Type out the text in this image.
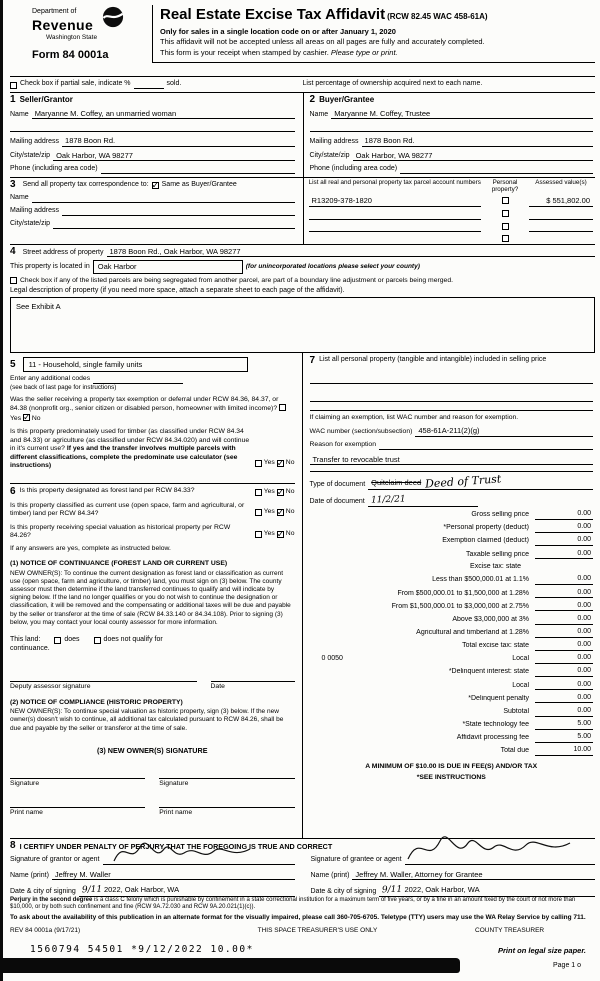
Department of
Revenue
Washington State
Form 84 0001a
Real Estate Excise Tax Affidavit (RCW 82.45 WAC 458-61A)
Only for sales in a single location code on or after January 1, 2020
This affidavit will not be accepted unless all areas on all pages are fully and accurately completed.
This form is your receipt when stamped by cashier. Please type or print.
Check box if partial sale, indicate %	sold.	List percentage of ownership acquired next to each name.
1 Seller/Grantor
Name Maryanne M. Coffey, an unmarried woman
Mailing address 1878 Boon Rd.
City/state/zip Oak Harbor, WA 98277
Phone (including area code)
2 Buyer/Grantee
Name Maryanne M. Coffey, Trustee
Mailing address 1878 Boon Rd.
City/state/zip Oak Harbor, WA 98277
Phone (including area code)
3 Send all property tax correspondence to: ✓ Same as Buyer/Grantee
Name
Mailing address
City/state/zip
List all real and personal property tax parcel account numbers	Personal property?
Assessed value(s)
R13209-378-1820	$ 551,802.00
4 Street address of property 1878 Boon Rd., Oak Harbor, WA 98277
This property is located in	Oak Harbor	(for unincorporated locations please select your county)
Check box if any of the listed parcels are being segregated from another parcel, are part of a boundary line adjustment or parcels being merged.
Legal description of property (if you need more space, attach a separate sheet to each page of the affidavit).
See Exhibit A
5	11 - Household, single family units
Enter any additional codes
(see back of last page for instructions)
Was the seller receiving a property tax exemption or deferral under RCW 84.36, 84.37, or 84.38 (nonprofit org., senior citizen or disabled person, homeowner with limited income)?  Yes ✓ No
Is this property predominately used for timber (as classified under RCW 84.34 and 84.33) or agriculture (as classified under RCW 84.34.020) and will continue in it's current use? If yes and the transfer involves multiple parcels with different classifications, complete the predominate use calculator (see instructions)	Yes ✓ No
6 Is this property designated as forest land per RCW 84.33?	Yes ✓ No
Is this property classified as current use (open space, farm and agricultural, or timber) land per RCW 84.34?	Yes ✓ No
Is this property receiving special valuation as historical property per RCW 84.26?	Yes ✓ No
If any answers are yes, complete as instructed below.
(1) NOTICE OF CONTINUANCE (FOREST LAND OR CURRENT USE)
NEW OWNER(S): To continue the current designation as forest land or classification as current use (open space, farm and agriculture, or timber) land, you must sign on (3) below. The county assessor must then determine if the land transferred continues to qualify and will indicate by signing below. If the land no longer qualifies or you do not wish to continue the designation or classification, it will be removed and the compensating or additional taxes will be due and payable by the seller or transferor at the time of sale (RCW 84.33.140 or 84.34.108). Prior to signing (3) below, you may contact your local county assessor for more information.
This land:	does	does not qualify for
continuance.
Deputy assessor signature	Date
(2) NOTICE OF COMPLIANCE (HISTORIC PROPERTY)
NEW OWNER(S): To continue special valuation as historic property, sign (3) below. If the new owner(s) doesn't wish to continue, all additional tax calculated pursuant to RCW 84.26, shall be due and payable by the seller or transferor at the time of sale.
(3) NEW OWNER(S) SIGNATURE
Signature
Print name
Signature
Print name
7 List all personal property (tangible and intangible) included in selling price
If claiming an exemption, list WAC number and reason for exemption.
WAC number (section/subsection) 458-61A-211(2)(g)
Reason for exemption
Transfer to revocable trust
Type of document Quitclaim deed Deed of Trust
Date of document 11/2/21
Gross selling price	0.00
*Personal property (deduct)	0.00
Exemption claimed (deduct)	0.00
Taxable selling price	0.00
Excise tax: state
Less than $500,000.01 at 1.1%	0.00
From $500,000.01 to $1,500,000 at 1.28%	0.00
From $1,500,000.01 to $3,000,000 at 2.75%	0.00
Above $3,000,000 at 3%	0.00
Agricultural and timberland at 1.28%	0.00
Total excise tax: state	0.00
0 0050	Local	0.00
*Delinquent interest: state	0.00
Local	0.00
*Delinquent penalty	0.00
Subtotal	0.00
*State technology fee	5.00
Affidavit processing fee	5.00
Total due	10.00
A MINIMUM OF $10.00 IS DUE IN FEE(S) AND/OR TAX
*SEE INSTRUCTIONS
8 I CERTIFY UNDER PENALTY OF PERJURY THAT THE FOREGOING IS TRUE AND CORRECT
Signature of grantor or agent
Name (print) Jeffrey M. Waller
Date & city of signing 9/11 2022, Oak Harbor, WA
Signature of grantee or agent
Name (print) Jeffrey M. Waller, Attorney for Grantee
Date & city of signing 9/11 2022, Oak Harbor, WA
Perjury in the second degree is a class C felony which is punishable by confinement in a state correctional institution for a maximum term of five years, or by a fine in an amount fixed by the court of not more than $10,000, or by both such confinement and fine (RCW 9A.72.030 and RCW 9A.20.021(1)(c)).
To ask about the availability of this publication in an alternate format for the visually impaired, please call 360-705-6705. Teletype (TTY) users may use the WA Relay Service by calling 711.
REV 84 0001a (9/17/21)	THIS SPACE TREASURER'S USE ONLY	COUNTY TREASURER
1560794 54501 *9/12/2022 10.00*	Print on legal size paper.
Page 1 o
